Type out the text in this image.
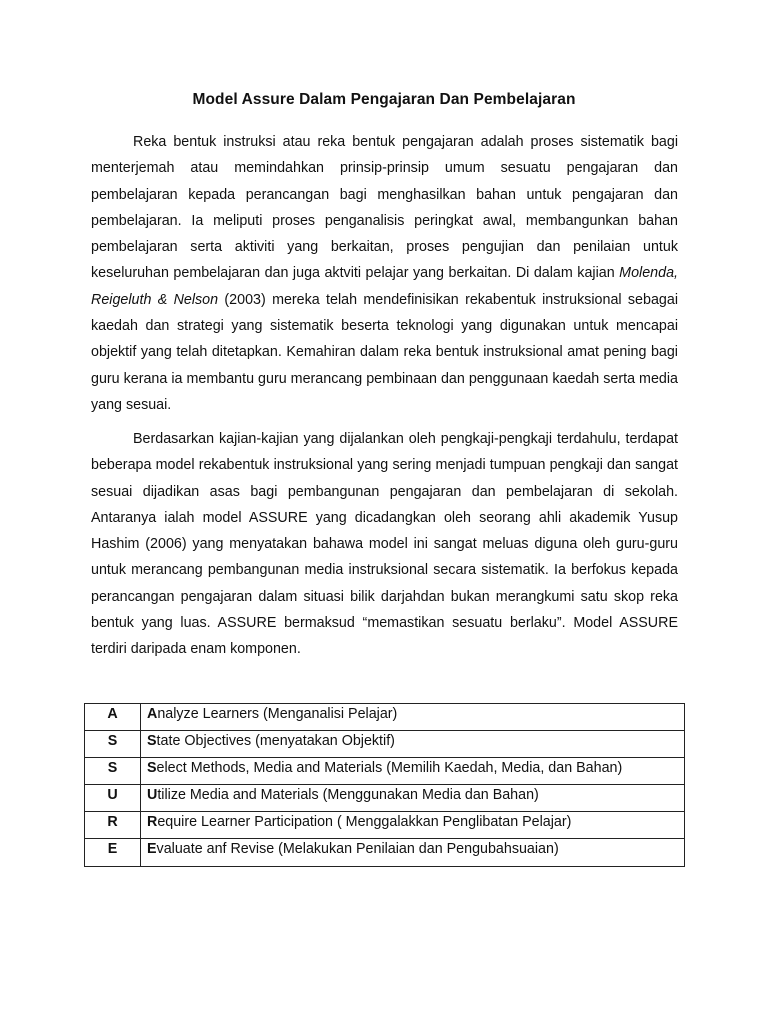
Model Assure Dalam Pengajaran Dan Pembelajaran

Reka bentuk instruksi atau reka bentuk pengajaran adalah proses sistematik bagi menterjemah atau memindahkan prinsip-prinsip umum sesuatu pengajaran dan pembelajaran kepada perancangan bagi menghasilkan bahan untuk pengajaran dan pembelajaran. Ia meliputi proses penganalisis peringkat awal, membangunkan bahan pembelajaran serta aktiviti yang berkaitan, proses pengujian dan penilaian untuk keseluruhan pembelajaran dan juga aktviti pelajar yang berkaitan. Di dalam kajian Molenda, Reigeluth & Nelson (2003) mereka telah mendefinisikan rekabentuk instruksional sebagai kaedah dan strategi yang sistematik beserta teknologi yang digunakan untuk mencapai objektif yang telah ditetapkan. Kemahiran dalam reka bentuk instruksional amat pening bagi guru kerana ia membantu guru merancang pembinaan dan penggunaan kaedah serta media yang sesuai.

Berdasarkan kajian-kajian yang dijalankan oleh pengkaji-pengkaji terdahulu, terdapat beberapa model rekabentuk instruksional yang sering menjadi tumpuan pengkaji dan sangat sesuai dijadikan asas bagi pembangunan pengajaran dan pembelajaran di sekolah. Antaranya ialah model ASSURE yang dicadangkan oleh seorang ahli akademik Yusup Hashim (2006) yang menyatakan bahawa model ini sangat meluas diguna oleh guru-guru untuk merancang pembangunan media instruksional secara sistematik. Ia berfokus kepada perancangan pengajaran dalam situasi bilik darjahdan bukan merangkumi satu skop reka bentuk yang luas. ASSURE bermaksud “memastikan sesuatu berlaku”. Model ASSURE terdiri daripada enam komponen.

A	Analyze Learners (Menganalisi Pelajar)
S	State Objectives (menyatakan Objektif)
S	Select Methods, Media and Materials (Memilih Kaedah, Media, dan Bahan)
U	Utilize Media and Materials (Menggunakan Media dan Bahan)
R	Require Learner Participation ( Menggalakkan Penglibatan Pelajar)
E	Evaluate anf Revise (Melakukan Penilaian dan Pengubahsuaian)
